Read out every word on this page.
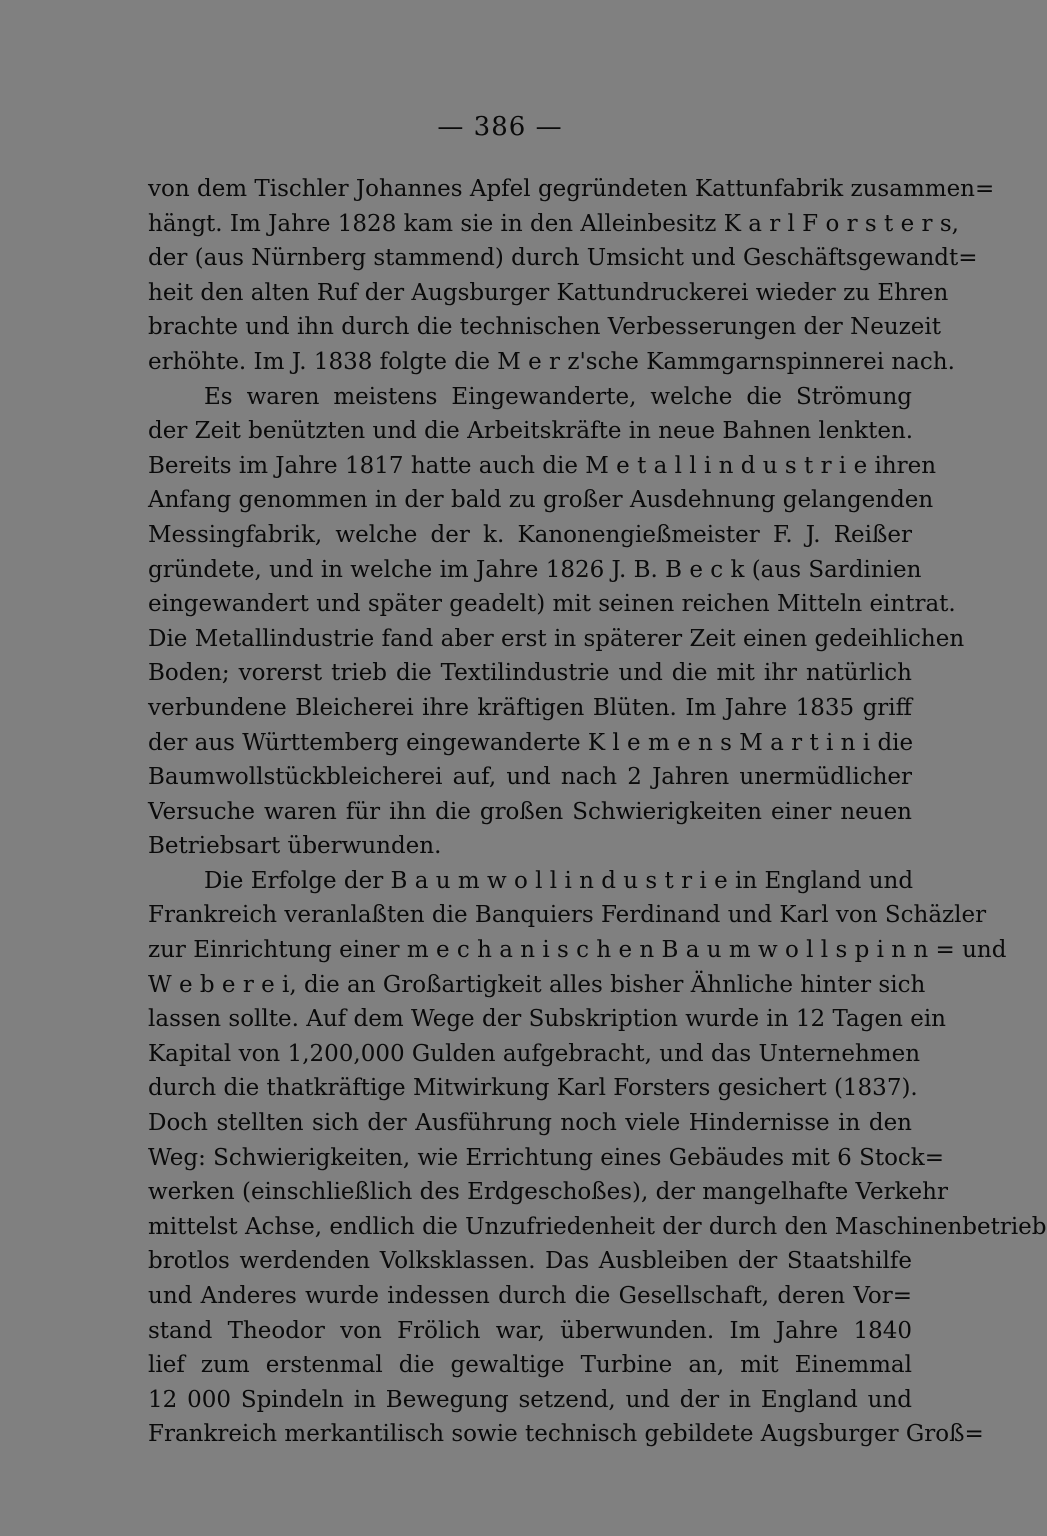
— 386 —
von dem Tischler Johannes Apfel gegründeten Kattunfabrik zusammen=
hängt. Im Jahre 1828 kam sie in den Alleinbesitz K a r l F o r s t e r s,
der (aus Nürnberg stammend) durch Umsicht und Geschäftsgewandt=
heit den alten Ruf der Augsburger Kattundruckerei wieder zu Ehren
brachte und ihn durch die technischen Verbesserungen der Neuzeit
erhöhte. Im J. 1838 folgte die M e r z'sche Kammgarnspinnerei nach.
Es waren meistens Eingewanderte, welche die Strömung
der Zeit benützten und die Arbeitskräfte in neue Bahnen lenkten.
Bereits im Jahre 1817 hatte auch die M e t a l l i n d u s t r i e ihren
Anfang genommen in der bald zu großer Ausdehnung gelangenden
Messingfabrik, welche der k. Kanonengießmeister F. J. Reißer
gründete, und in welche im Jahre 1826 J. B. B e c k (aus Sardinien
eingewandert und später geadelt) mit seinen reichen Mitteln eintrat.
Die Metallindustrie fand aber erst in späterer Zeit einen gedeihlichen
Boden; vorerst trieb die Textilindustrie und die mit ihr natürlich
verbundene Bleicherei ihre kräftigen Blüten. Im Jahre 1835 griff
der aus Württemberg eingewanderte K l e m e n s M a r t i n i die
Baumwollstückbleicherei auf, und nach 2 Jahren unermüdlicher
Versuche waren für ihn die großen Schwierigkeiten einer neuen
Betriebsart überwunden.
Die Erfolge der B a u m w o l l i n d u s t r i e in England und
Frankreich veranlaßten die Banquiers Ferdinand und Karl von Schäzler
zur Einrichtung einer m e c h a n i s c h e n B a u m w o l l s p i n n = und
W e b e r e i, die an Großartigkeit alles bisher Ähnliche hinter sich
lassen sollte. Auf dem Wege der Subskription wurde in 12 Tagen ein
Kapital von 1,200,000 Gulden aufgebracht, und das Unternehmen
durch die thatkräftige Mitwirkung Karl Forsters gesichert (1837).
Doch stellten sich der Ausführung noch viele Hindernisse in den
Weg: Schwierigkeiten, wie Errichtung eines Gebäudes mit 6 Stock=
werken (einschließlich des Erdgeschoßes), der mangelhafte Verkehr
mittelst Achse, endlich die Unzufriedenheit der durch den Maschinenbetrieb
brotlos werdenden Volksklassen. Das Ausbleiben der Staatshilfe
und Anderes wurde indessen durch die Gesellschaft, deren Vor=
stand Theodor von Frölich war, überwunden. Im Jahre 1840
lief zum erstenmal die gewaltige Turbine an, mit Einemmal
12 000 Spindeln in Bewegung setzend, und der in England und
Frankreich merkantilisch sowie technisch gebildete Augsburger Groß=
